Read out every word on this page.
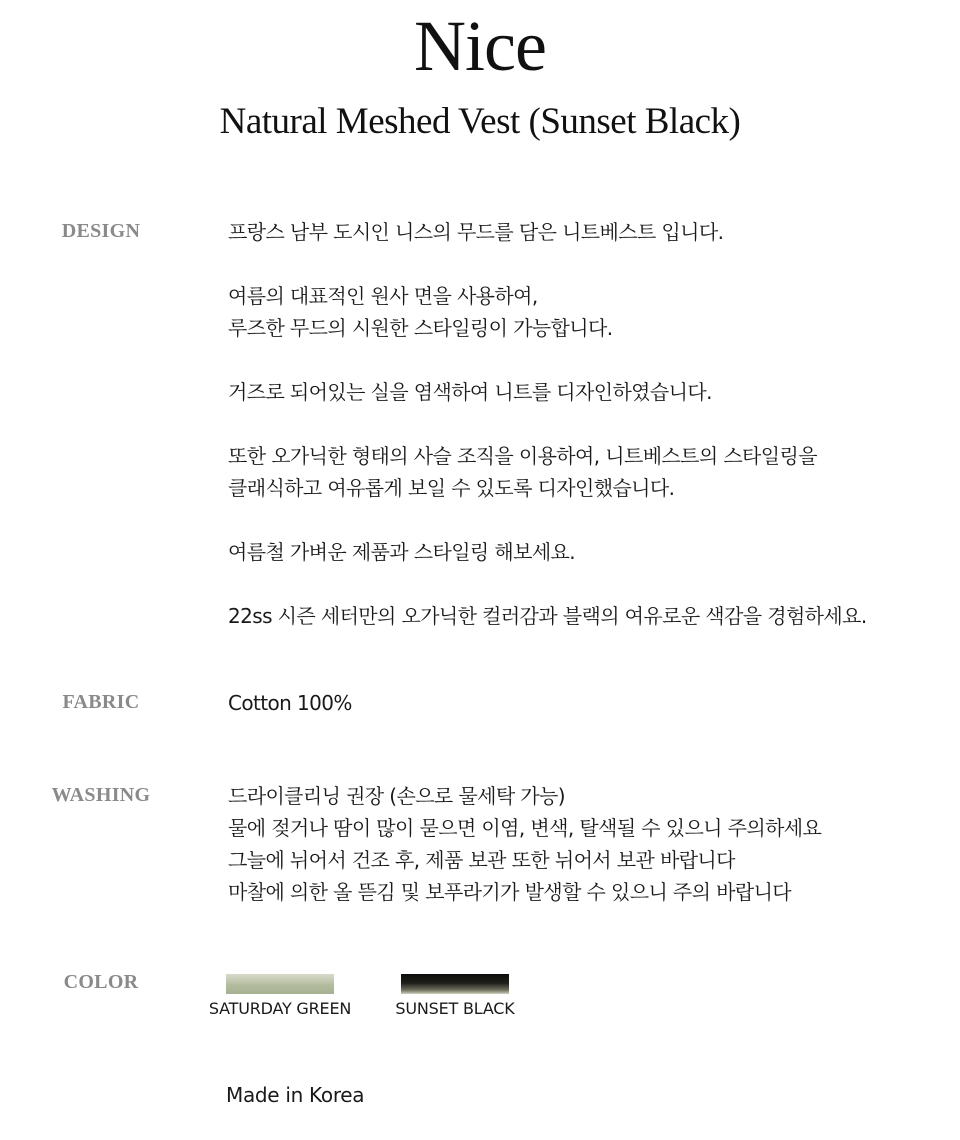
Nice
Natural Meshed Vest (Sunset Black)
DESIGN	프랑스 남부 도시인 니스의 무드를 담은 니트베스트 입니다.
여름의 대표적인 원사 면을 사용하여,
루즈한 무드의 시원한 스타일링이 가능합니다.
거즈로 되어있는 실을 염색하여 니트를 디자인하였습니다.
또한 오가닉한 형태의 사슬 조직을 이용하여, 니트베스트의 스타일링을
클래식하고 여유롭게 보일 수 있도록 디자인했습니다.
여름철 가벼운 제품과 스타일링 해보세요.
22ss 시즌 세터만의 오가닉한 컬러감과 블랙의 여유로운 색감을 경험하세요.
FABRIC	Cotton 100%
WASHING	드라이클리닝 권장 (손으로 물세탁 가능)
물에 젖거나 땀이 많이 묻으면 이염, 변색, 탈색될 수 있으니 주의하세요
그늘에 뉘어서 건조 후, 제품 보관 또한 뉘어서 보관 바랍니다
마찰에 의한 올 뜯김 및 보푸라기가 발생할 수 있으니 주의 바랍니다
COLOR
SATURDAY GREEN	SUNSET BLACK
Made in Korea
